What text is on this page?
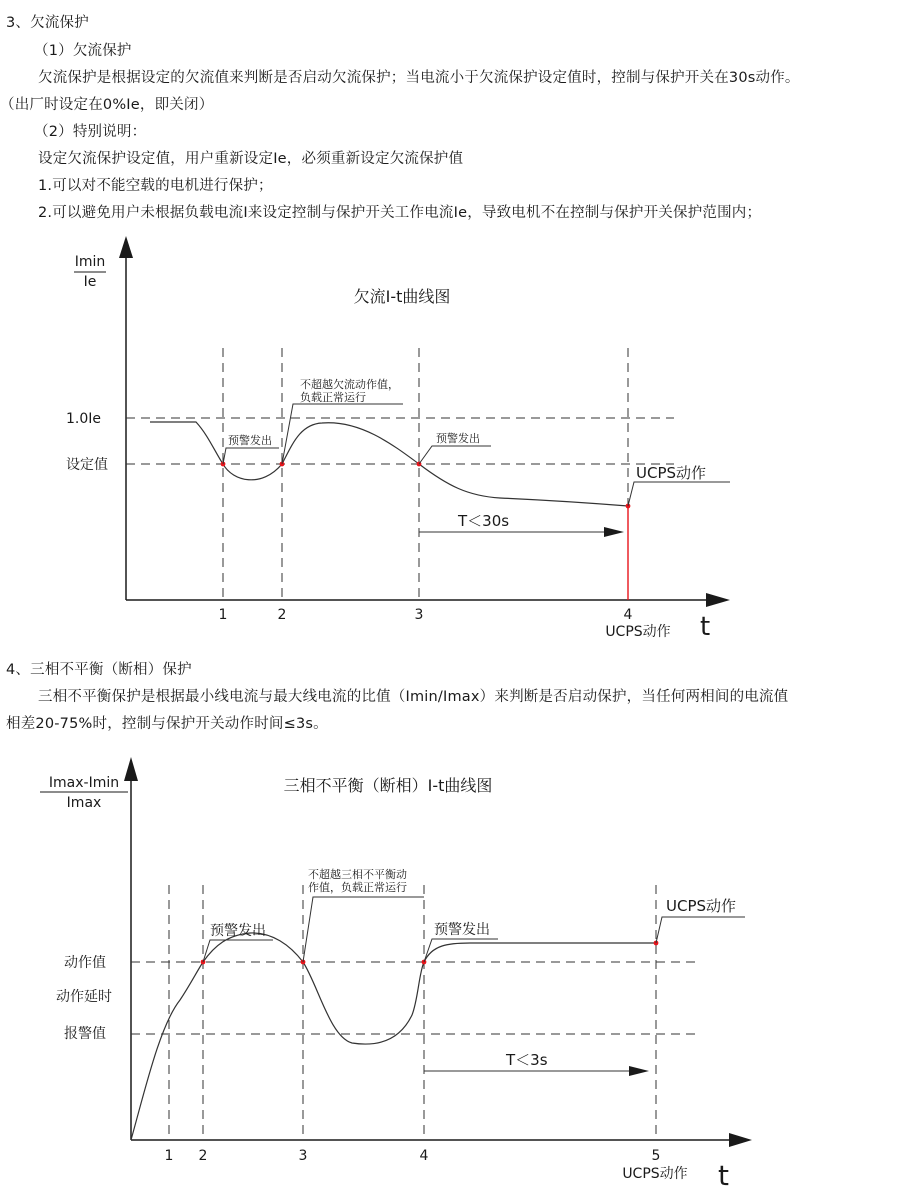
3、欠流保护
（1）欠流保护
欠流保护是根据设定的欠流值来判断是否启动欠流保护；当电流小于欠流保护设定值时，控制与保护开关在30s动作。
（出厂时设定在0%Ie，即关闭）
（2）特别说明：
设定欠流保护设定值，用户重新设定Ie，必须重新设定欠流保护值
1.可以对不能空载的电机进行保护；
2.可以避免用户未根据负载电流I来设定控制与保护开关工作电流Ie，导致电机不在控制与保护开关保护范围内；
Imin
Ie
欠流I-t曲线图
1.0Ie
设定值
1	2	3	4
UCPS动作 t
预警发出
不超越欠流动作值，
负载正常运行
预警发出
UCPS动作
T＜30s
4、三相不平衡（断相）保护
三相不平衡保护是根据最小线电流与最大线电流的比值（Imin/Imax）来判断是否启动保护，当任何两相间的电流值
相差20-75%时，控制与保护开关动作时间≤3s。
Imax-Imin
Imax
三相不平衡（断相）I-t曲线图
动作值
动作延时
报警值
1 2	3	4	5
UCPS动作 t
预警发出
不超越三相不平衡动
作值，负载正常运行
预警发出
UCPS动作
T＜3s
